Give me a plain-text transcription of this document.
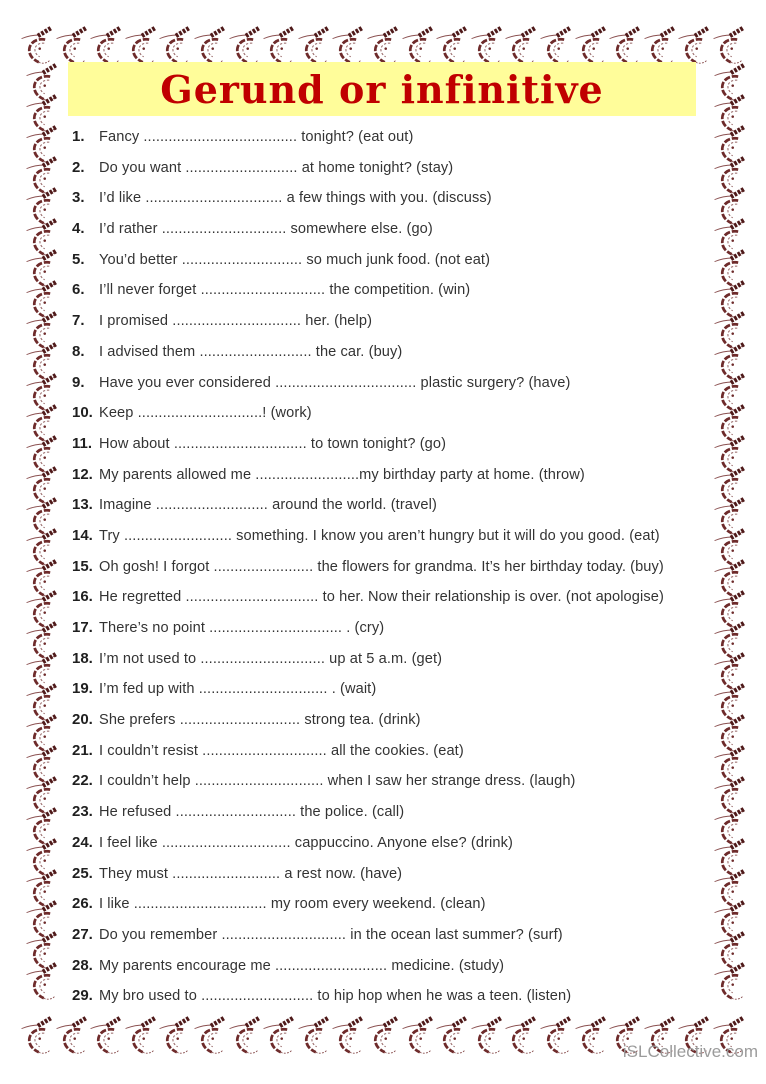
Gerund or infinitive
1. Fancy ..................................... tonight? (eat out)
2. Do you want ........................... at home tonight? (stay)
3. I’d like ................................. a few things with you. (discuss)
4. I’d rather .............................. somewhere else. (go)
5. You’d better ............................. so much junk food. (not eat)
6. I’ll never forget .............................. the competition. (win)
7. I promised ............................... her. (help)
8. I advised them ........................... the car. (buy)
9. Have you ever considered .................................. plastic surgery? (have)
10. Keep ..............................! (work)
11. How about ................................ to town tonight? (go)
12. My parents allowed me .........................my birthday party at home. (throw)
13. Imagine ........................... around the world. (travel)
14. Try .......................... something. I know you aren’t hungry but it will do you good. (eat)
15. Oh gosh! I forgot ........................ the flowers for grandma. It’s her birthday today. (buy)
16. He regretted ................................ to her. Now their relationship is over. (not apologise)
17. There’s no point ................................ . (cry)
18. I’m not used to .............................. up at 5 a.m. (get)
19. I’m fed up with ............................... . (wait)
20. She prefers ............................. strong tea. (drink)
21. I couldn’t resist .............................. all the cookies. (eat)
22. I couldn’t help ............................... when I saw her strange dress. (laugh)
23. He refused ............................. the police. (call)
24. I feel like ............................... cappuccino. Anyone else? (drink)
25. They must .......................... a rest now. (have)
26. I like ................................ my room every weekend. (clean)
27. Do you remember .............................. in the ocean last summer? (surf)
28. My parents encourage me ........................... medicine. (study)
29. My bro used to ........................... to hip hop when he was a teen. (listen)
iSLCollective.com
